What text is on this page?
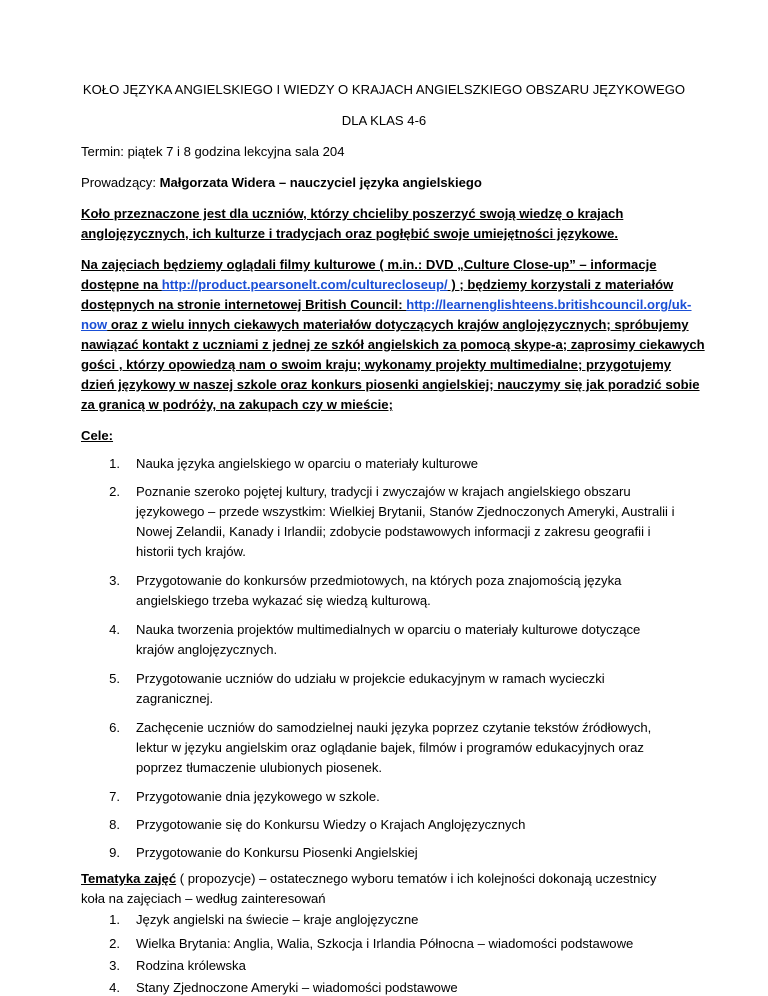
KOŁO JĘZYKA ANGIELSKIEGO I WIEDZY O KRAJACH ANGIELSZKIEGO OBSZARU JĘZYKOWEGO
DLA KLAS 4-6
Termin: piątek 7 i 8 godzina lekcyjna sala 204
Prowadzący: Małgorzata Widera – nauczyciel języka angielskiego
Koło przeznaczone jest dla uczniów, którzy chcieliby poszerzyć swoją wiedzę o krajach
anglojęzycznych, ich kulturze i tradycjach oraz pogłębić swoje umiejętności językowe.
Na zajęciach będziemy oglądali filmy kulturowe ( m.in.: DVD „Culture Close-up” – informacje
dostępne na http://product.pearsonelt.com/culturecloseup/ ) ; będziemy korzystali z materiałów
dostępnych na stronie internetowej British Council: http://learnenglishteens.britishcouncil.org/uk-
now oraz z wielu innych ciekawych materiałów dotyczących krajów anglojęzycznych; spróbujemy
nawiązać kontakt z uczniami z jednej ze szkół angielskich za pomocą skype-a; zaprosimy ciekawych
gości , którzy opowiedzą nam o swoim kraju; wykonamy projekty multimedialne; przygotujemy
dzień językowy w naszej szkole oraz konkurs piosenki angielskiej; nauczymy się jak poradzić sobie
za granicą w podróży, na zakupach czy w mieście;
Cele:
1. Nauka języka angielskiego w oparciu o materiały kulturowe
2. Poznanie szeroko pojętej kultury, tradycji i zwyczajów w krajach angielskiego obszaru
językowego – przede wszystkim: Wielkiej Brytanii, Stanów Zjednoczonych Ameryki, Australii i
Nowej Zelandii, Kanady i Irlandii; zdobycie podstawowych informacji z zakresu geografii i
historii tych krajów.
3. Przygotowanie do konkursów przedmiotowych, na których poza znajomością języka
angielskiego trzeba wykazać się wiedzą kulturową.
4. Nauka tworzenia projektów multimedialnych w oparciu o materiały kulturowe dotyczące
krajów anglojęzycznych.
5. Przygotowanie uczniów do udziału w projekcie edukacyjnym w ramach wycieczki
zagranicznej.
6. Zachęcenie uczniów do samodzielnej nauki języka poprzez czytanie tekstów źródłowych,
lektur w języku angielskim oraz oglądanie bajek, filmów i programów edukacyjnych oraz
poprzez tłumaczenie ulubionych piosenek.
7. Przygotowanie dnia językowego w szkole.
8. Przygotowanie się do Konkursu Wiedzy o Krajach Anglojęzycznych
9. Przygotowanie do Konkursu Piosenki Angielskiej
Tematyka zajęć ( propozycje) – ostatecznego wyboru tematów i ich kolejności dokonają uczestnicy
koła na zajęciach – według zainteresowań
1. Język angielski na świecie – kraje anglojęzyczne
2. Wielka Brytania: Anglia, Walia, Szkocja i Irlandia Północna – wiadomości podstawowe
3. Rodzina królewska
4. Stany Zjednoczone Ameryki – wiadomości podstawowe
